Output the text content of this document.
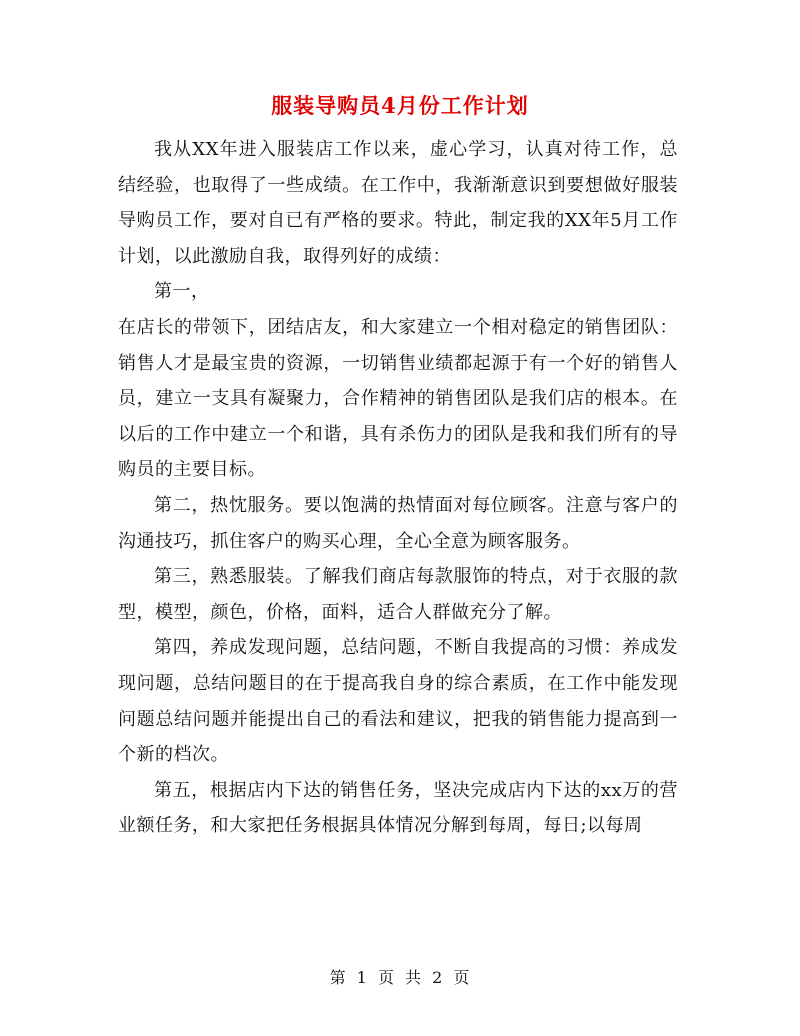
服装导购员4月份工作计划

我从XX年进入服装店工作以来，虚心学习，认真对待工作，总结经验，也取得了一些成绩。在工作中，我渐渐意识到要想做好服装导购员工作，要对自已有严格的要求。特此，制定我的XX年5月工作计划，以此激励自我，取得列好的成绩：

第一，

在店长的带领下，团结店友，和大家建立一个相对稳定的销售团队：销售人才是最宝贵的资源，一切销售业绩都起源于有一个好的销售人员，建立一支具有凝聚力，合作精神的销售团队是我们店的根本。在以后的工作中建立一个和谐，具有杀伤力的团队是我和我们所有的导购员的主要目标。

第二，热忱服务。要以饱满的热情面对每位顾客。注意与客户的沟通技巧，抓住客户的购买心理，全心全意为顾客服务。

第三，熟悉服装。了解我们商店每款服饰的特点，对于衣服的款型，模型，颜色，价格，面料，适合人群做充分了解。

第四，养成发现问题，总结问题，不断自我提高的习惯：养成发现问题，总结问题目的在于提高我自身的综合素质，在工作中能发现问题总结问题并能提出自己的看法和建议，把我的销售能力提高到一个新的档次。

第五，根据店内下达的销售任务，坚决完成店内下达的xx万的营业额任务，和大家把任务根据具体情况分解到每周，每日;以每周

第 1 页 共 2 页
